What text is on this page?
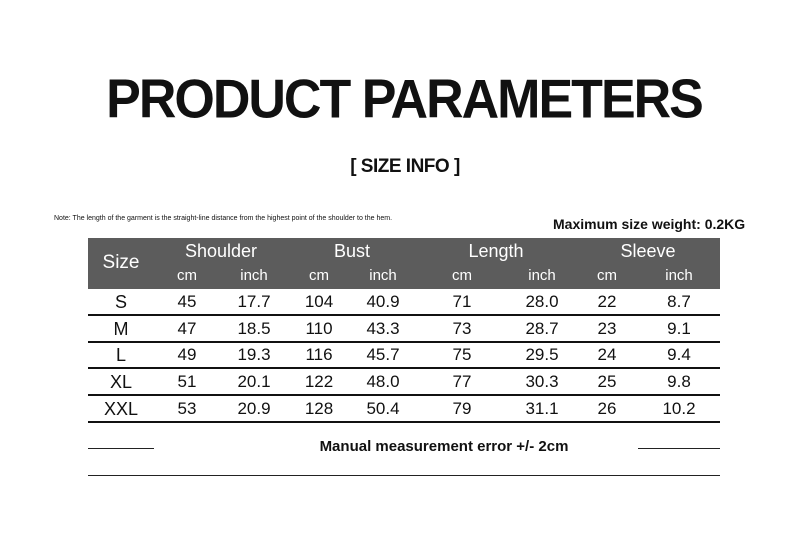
PRODUCT PARAMETERS
[ SIZE INFO ]
Note: The length of the garment is the straight-line distance from the highest point of the shoulder to the hem.	Maximum size weight: 0.2KG
Size
Shoulder	Bust	Length	Sleeve
cm	inch	cm	inch	cm	inch	cm	inch
S	45	17.7	104	40.9	71	28.0	22	8.7
M	47	18.5	110	43.3	73	28.7	23	9.1
L	49	19.3	116	45.7	75	29.5	24	9.4
XL	51	20.1	122	48.0	77	30.3	25	9.8
XXL	53	20.9	128	50.4	79	31.1	26	10.2
Manual measurement error +/- 2cm
